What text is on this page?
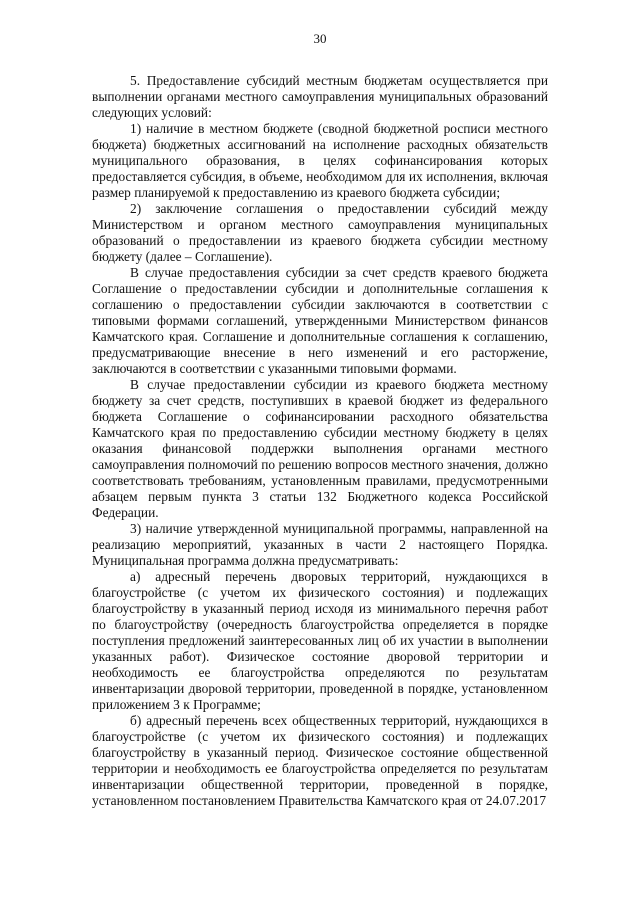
30

5. Предоставление субсидий местным бюджетам осуществляется при выполнении органами местного самоуправления муниципальных образований следующих условий:

1) наличие в местном бюджете (сводной бюджетной росписи местного бюджета) бюджетных ассигнований на исполнение расходных обязательств муниципального образования, в целях софинансирования которых предоставляется субсидия, в объеме, необходимом для их исполнения, включая размер планируемой к предоставлению из краевого бюджета субсидии;

2) заключение соглашения о предоставлении субсидий между Министерством и органом местного самоуправления муниципальных образований о предоставлении из краевого бюджета субсидии местному бюджету (далее – Соглашение).

В случае предоставления субсидии за счет средств краевого бюджета Соглашение о предоставлении субсидии и дополнительные соглашения к соглашению о предоставлении субсидии заключаются в соответствии с типовыми формами соглашений, утвержденными Министерством финансов Камчатского края. Соглашение и дополнительные соглашения к соглашению, предусматривающие внесение в него изменений и его расторжение, заключаются в соответствии с указанными типовыми формами.

В случае предоставлении субсидии из краевого бюджета местному бюджету за счет средств, поступивших в краевой бюджет из федерального бюджета Соглашение о софинансировании расходного обязательства Камчатского края по предоставлению субсидии местному бюджету в целях оказания финансовой поддержки выполнения органами местного самоуправления полномочий по решению вопросов местного значения, должно соответствовать требованиям, установленным правилами, предусмотренными абзацем первым пункта 3 статьи 132 Бюджетного кодекса Российской Федерации.

3) наличие утвержденной муниципальной программы, направленной на реализацию мероприятий, указанных в части 2 настоящего Порядка. Муниципальная программа должна предусматривать:

а) адресный перечень дворовых территорий, нуждающихся в благоустройстве (с учетом их физического состояния) и подлежащих благоустройству в указанный период исходя из минимального перечня работ по благоустройству (очередность благоустройства определяется в порядке поступления предложений заинтересованных лиц об их участии в выполнении указанных работ). Физическое состояние дворовой территории и необходимость ее благоустройства определяются по результатам инвентаризации дворовой территории, проведенной в порядке, установленном приложением 3 к Программе;

б) адресный перечень всех общественных территорий, нуждающихся в благоустройстве (с учетом их физического состояния) и подлежащих благоустройству в указанный период. Физическое состояние общественной территории и необходимость ее благоустройства определяется по результатам инвентаризации общественной территории, проведенной в порядке, установленном постановлением Правительства Камчатского края от 24.07.2017
